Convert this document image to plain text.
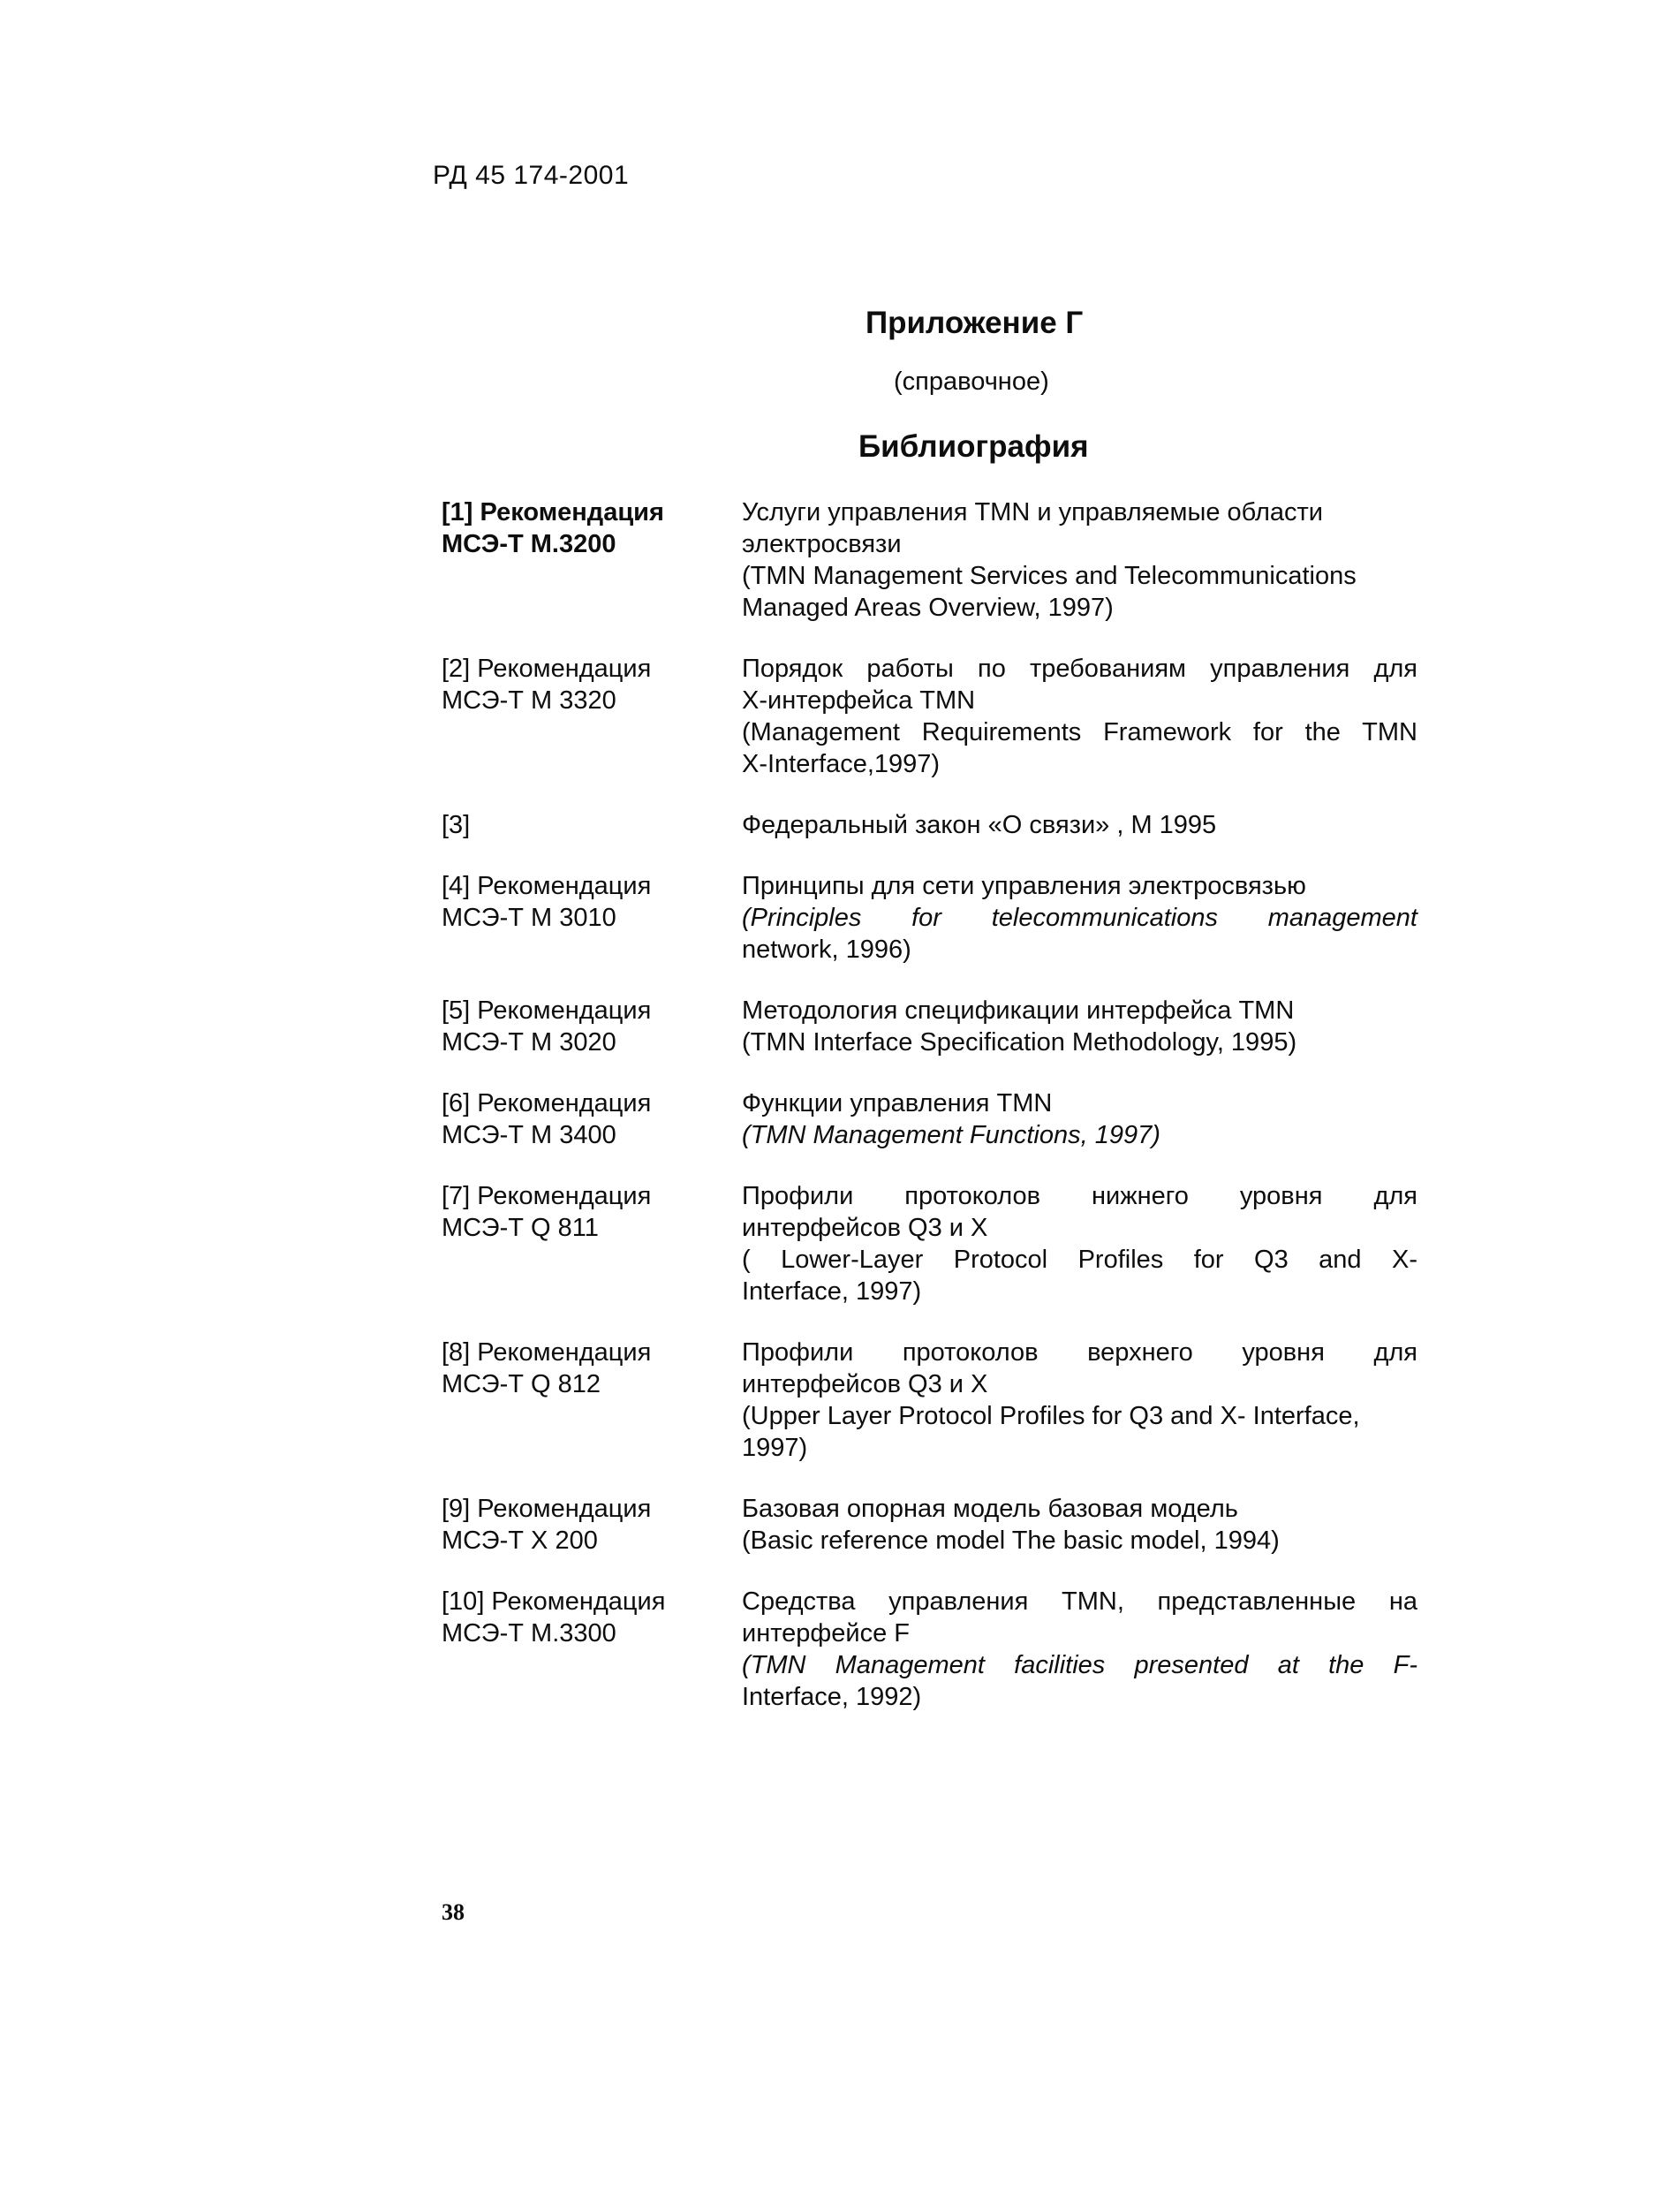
РД 45 174-2001
Приложение Г
(справочное)
Библиография
[1] Рекомендация
МСЭ-Т М.3200
Услуги управления TMN и управляемые области
электросвязи
(TMN Management Services and Telecommunications
Managed Areas Overview, 1997)
[2] Рекомендация
МСЭ-Т М 3320
Порядок работы по требованиям управления для
X-интерфейса TMN
(Management Requirements Framework for the TMN
X-Interface,1997)
[3]	Федеральный закон «О связи» , М 1995
[4] Рекомендация
МСЭ-Т М 3010
Принципы для сети управления электросвязью
(Principles for telecommunications management
network, 1996)
[5] Рекомендация
МСЭ-Т М 3020
Методология спецификации интерфейса TMN
(TMN Interface Specification Methodology, 1995)
[6] Рекомендация
МСЭ-Т М 3400
Функции управления TMN
(TMN Management Functions, 1997)
[7] Рекомендация
МСЭ-Т Q 811
Профили протоколов нижнего уровня для
интерфейсов Q3 и X
( Lower-Layer Protocol Profiles for Q3 and X-
Interface, 1997)
[8] Рекомендация
МСЭ-Т Q 812
Профили протоколов верхнего уровня для
интерфейсов Q3 и X
(Upper Layer Protocol Profiles for Q3 and X- Interface,
1997)
[9] Рекомендация
МСЭ-Т X 200
Базовая опорная модель базовая модель
(Basic reference model The basic model, 1994)
[10] Рекомендация
МСЭ-Т М.3300
Средства управления TMN, представленные на
интерфейсе F
(TMN Management facilities presented at the F-
Interface, 1992)
38
